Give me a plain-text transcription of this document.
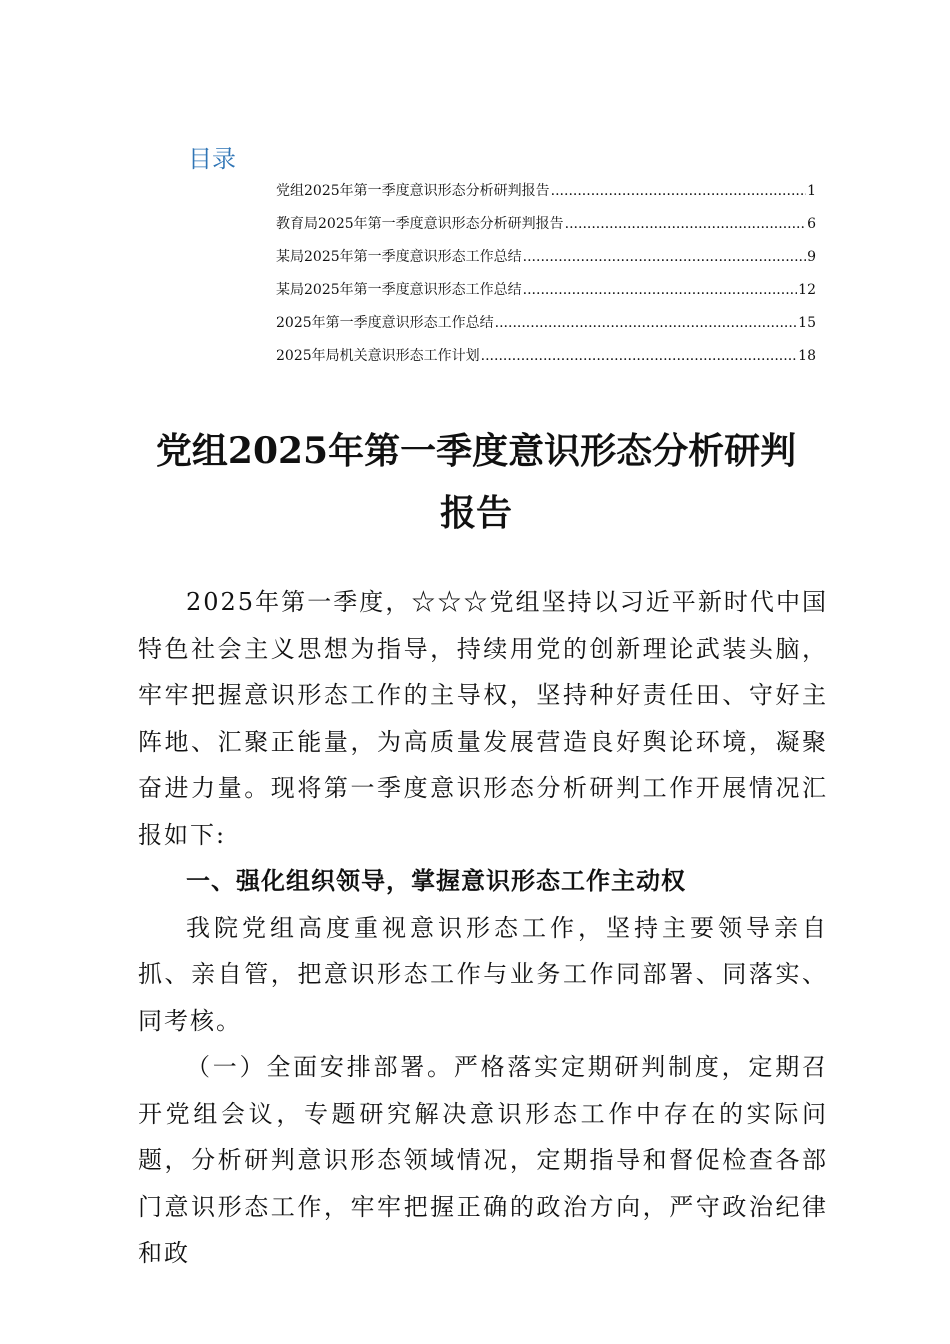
目录
党组2025年第一季度意识形态分析研判报告 .....	1
教育局2025年第一季度意识形态分析研判报告 .....	6
某局2025年第一季度意识形态工作总结 .....	9
某局2025年第一季度意识形态工作总结 .....	12
2025年第一季度意识形态工作总结 .....	15
2025年局机关意识形态工作计划 .....	18
党组2025年第一季度意识形态分析研判报告

2025年第一季度，☆☆☆党组坚持以习近平新时代中国特色社会主义思想为指导，持续用党的创新理论武装头脑，牢牢把握意识形态工作的主导权，坚持种好责任田、守好主阵地、汇聚正能量，为高质量发展营造良好舆论环境，凝聚奋进力量。现将第一季度意识形态分析研判工作开展情况汇报如下:

一、强化组织领导，掌握意识形态工作主动权

我院党组高度重视意识形态工作，坚持主要领导亲自抓、亲自管，把意识形态工作与业务工作同部署、同落实、同考核。

（一）全面安排部署。严格落实定期研判制度，定期召开党组会议，专题研究解决意识形态工作中存在的实际问题，分析研判意识形态领域情况，定期指导和督促检查各部门意识形态工作，牢牢把握正确的政治方向，严守政治纪律和政
